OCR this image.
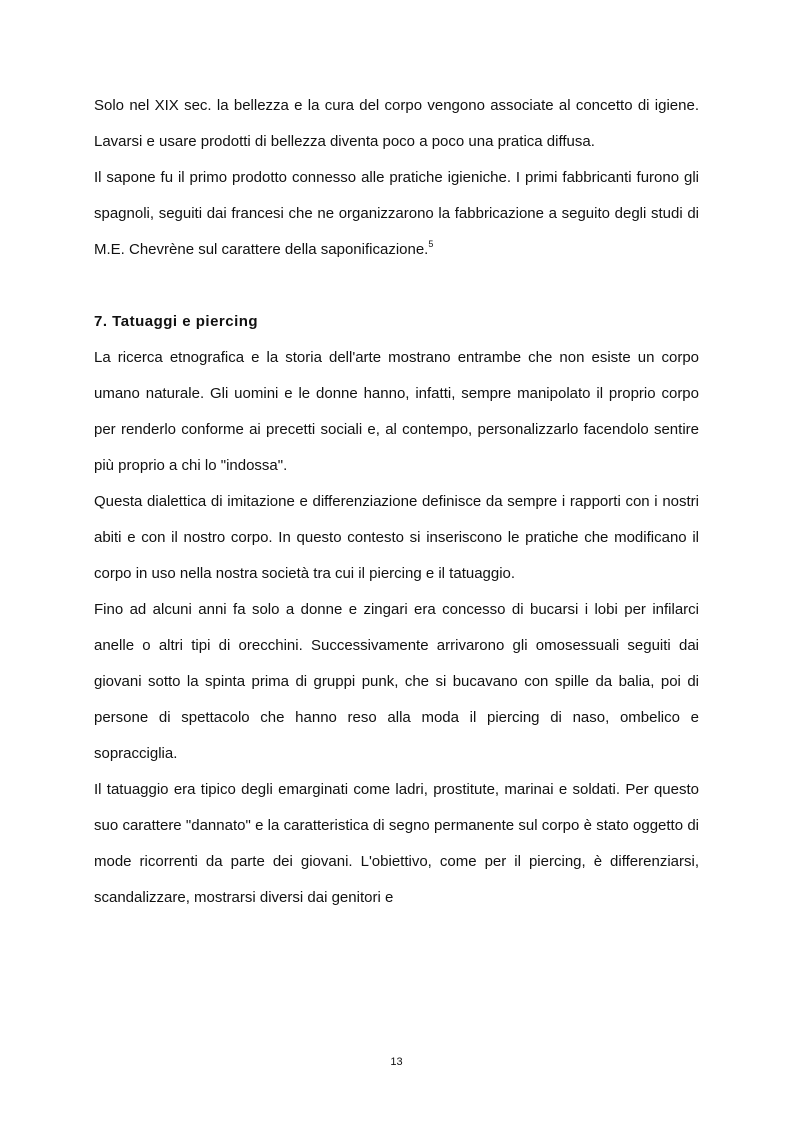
Solo nel XIX sec. la bellezza e la cura del corpo vengono associate al concetto di igiene. Lavarsi e usare prodotti di bellezza diventa poco a poco una pratica diffusa.

Il sapone fu il primo prodotto connesso alle pratiche igieniche. I primi fabbricanti furono gli spagnoli, seguiti dai francesi che ne organizzarono la fabbricazione a seguito degli studi di M.E. Chevrène sul carattere della saponificazione.$^5$

7. Tatuaggi e piercing

La ricerca etnografica e la storia dell'arte mostrano entrambe che non esiste un corpo umano naturale. Gli uomini e le donne hanno, infatti, sempre manipolato il proprio corpo per renderlo conforme ai precetti sociali e, al contempo, personalizzarlo facendolo sentire più proprio a chi lo "indossa".

Questa dialettica di imitazione e differenziazione definisce da sempre i rapporti con i nostri abiti e con il nostro corpo. In questo contesto si inseriscono le pratiche che modificano il corpo in uso nella nostra società tra cui il piercing e il tatuaggio.

Fino ad alcuni anni fa solo a donne e zingari era concesso di bucarsi i lobi per infilarci anelle o altri tipi di orecchini. Successivamente arrivarono gli omosessuali seguiti dai giovani sotto la spinta prima di gruppi punk, che si bucavano con spille da balia, poi di persone di spettacolo che hanno reso alla moda il piercing di naso, ombelico e sopracciglia.

Il tatuaggio era tipico degli emarginati come ladri, prostitute, marinai e soldati. Per questo suo carattere "dannato" e la caratteristica di segno permanente sul corpo è stato oggetto di mode ricorrenti da parte dei giovani. L'obiettivo, come per il piercing, è differenziarsi, scandalizzare, mostrarsi diversi dai genitori e

13
